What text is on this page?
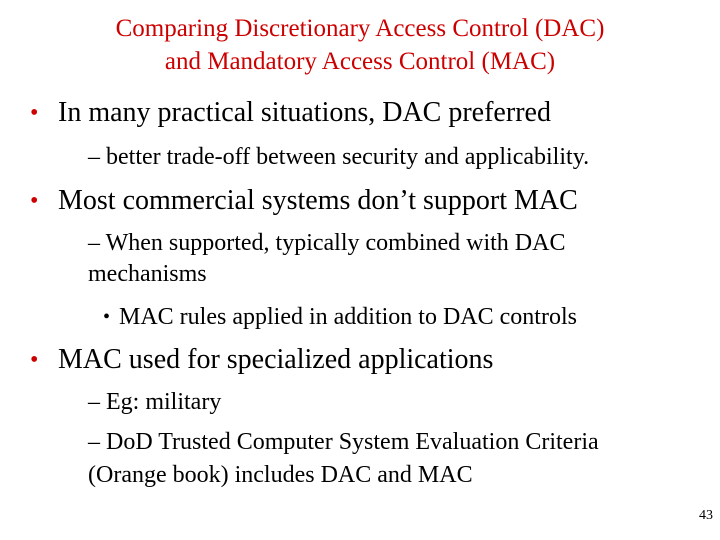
Comparing Discretionary Access Control (DAC)
and Mandatory Access Control (MAC)
• In many practical situations, DAC preferred
– better trade-off between security and applicability.
• Most commercial systems don’t support MAC
– When supported, typically combined with DAC
mechanisms
• MAC rules applied in addition to DAC controls
• MAC used for specialized applications
– Eg: military
– DoD Trusted Computer System Evaluation Criteria
(Orange book) includes DAC and MAC
43
